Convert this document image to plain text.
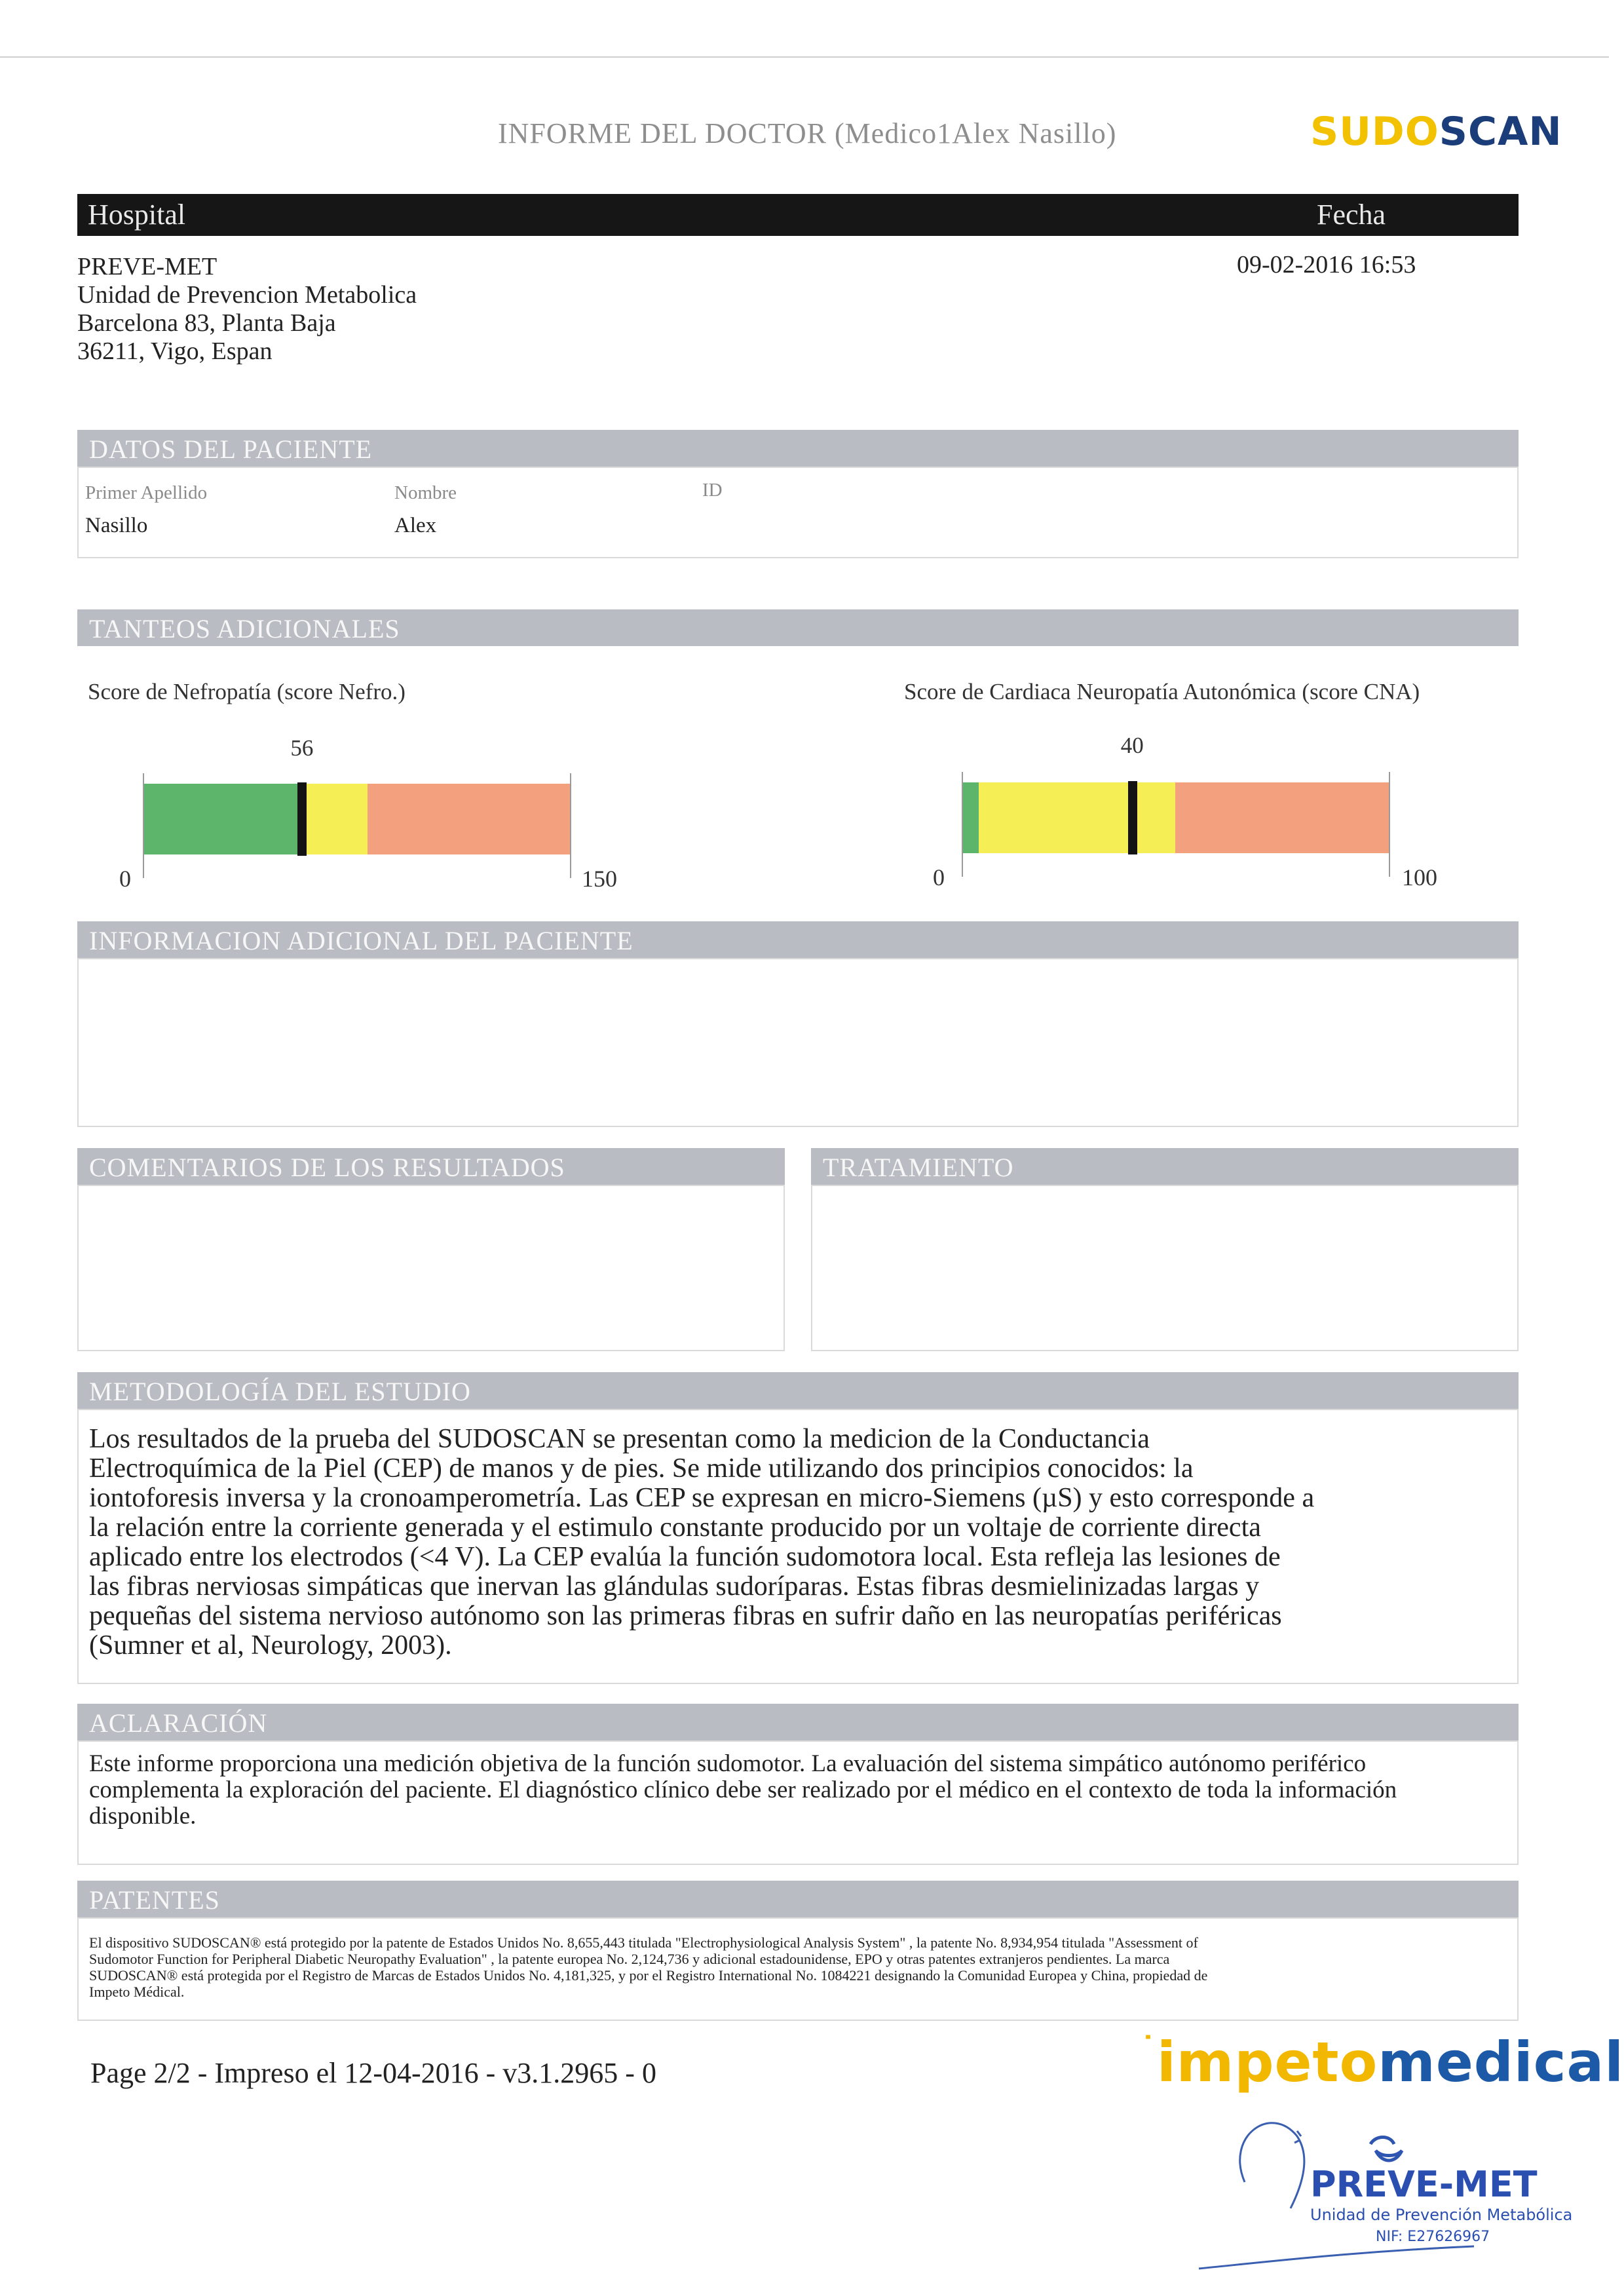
INFORME DEL DOCTOR (Medico1Alex Nasillo)	SUDOSCAN
Hospital	Fecha
PREVE-MET
Unidad de Prevencion Metabolica
Barcelona 83, Planta Baja
36211, Vigo, Espan
09-02-2016 16:53
DATOS DEL PACIENTE
Primer Apellido	Nombre	ID
Nasillo	Alex
TANTEOS ADICIONALES
Score de Nefropatía (score Nefro.)	Score de Cardiaca Neuropatía Autonómica (score CNA)
56
0	150
40
0	100
INFORMACION ADICIONAL DEL PACIENTE
COMENTARIOS DE LOS RESULTADOS	TRATAMIENTO
METODOLOGÍA DEL ESTUDIO
Los resultados de la prueba del SUDOSCAN se presentan como la medicion de la Conductancia
Electroquímica de la Piel (CEP) de manos y de pies. Se mide utilizando dos principios conocidos: la
iontoforesis inversa y la cronoamperometría. Las CEP se expresan en micro-Siemens (µS) y esto corresponde a
la relación entre la corriente generada y el estimulo constante producido por un voltaje de corriente directa
aplicado entre los electrodos (<4 V). La CEP evalúa la función sudomotora local. Esta refleja las lesiones de
las fibras nerviosas simpáticas que inervan las glándulas sudoríparas. Estas fibras desmielinizadas largas y
pequeñas del sistema nervioso autónomo son las primeras fibras en sufrir daño en las neuropatías periféricas
(Sumner et al, Neurology, 2003).
ACLARACIÓN
Este informe proporciona una medición objetiva de la función sudomotor. La evaluación del sistema simpático autónomo periférico
complementa la exploración del paciente. El diagnóstico clínico debe ser realizado por el médico en el contexto de toda la información
disponible.
PATENTES
El dispositivo SUDOSCAN® está protegido por la patente de Estados Unidos No. 8,655,443 titulada "Electrophysiological Analysis System" , la patente No. 8,934,954 titulada "Assessment of
Sudomotor Function for Peripheral Diabetic Neuropathy Evaluation" , la patente europea No. 2,124,736 y adicional estadounidense, EPO y otras patentes extranjeros pendientes. La marca
SUDOSCAN® está protegida por el Registro de Marcas de Estados Unidos No. 4,181,325, y por el Registro International No. 1084221 designando la Comunidad Europea y China, propiedad de
Impeto Médical.
Page 2/2 - Impreso el 12-04-2016 - v3.1.2965 - 0
˙impetomedical
PREVE-MET
Unidad de Prevención Metabólica
NIF: E27626967
